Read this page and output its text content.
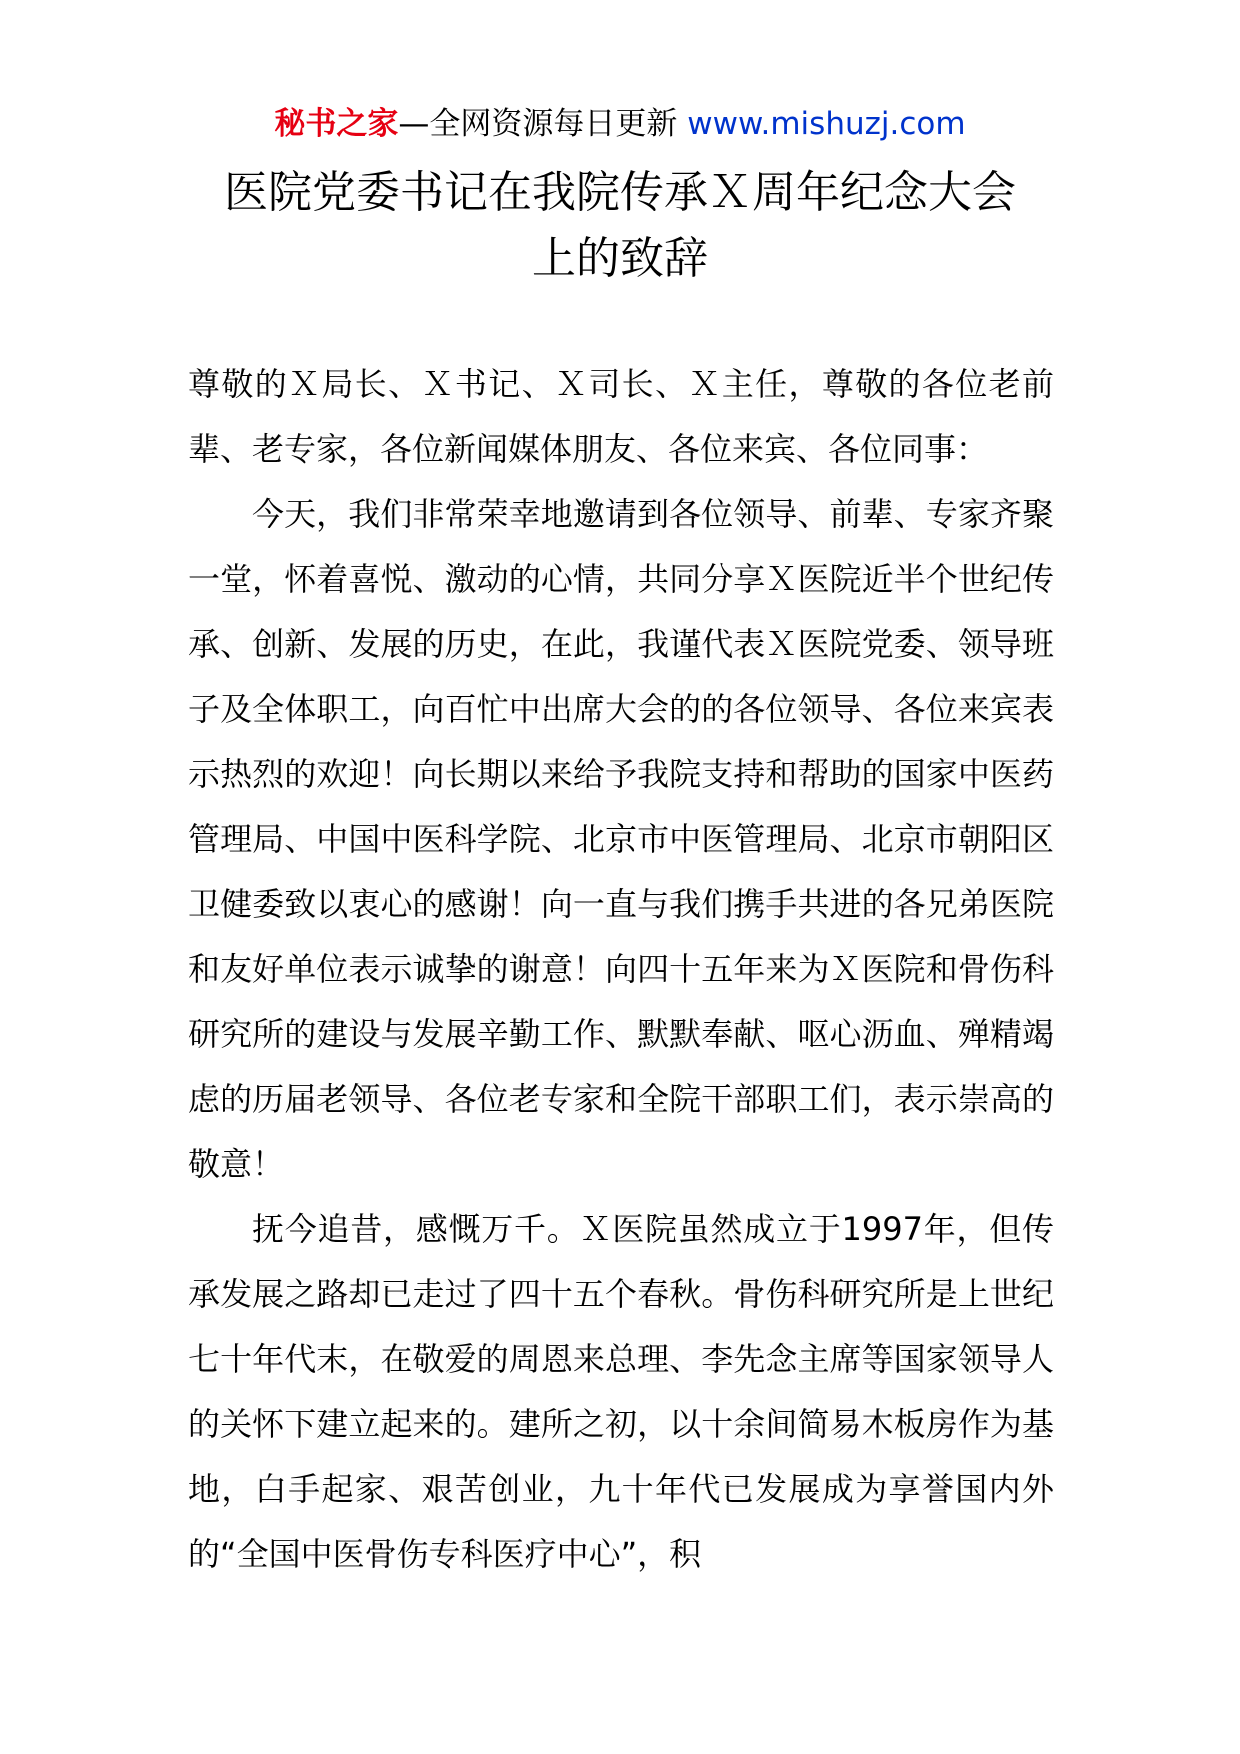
秘书之家—全网资源每日更新 www.mishuzj.com
医院党委书记在我院传承Ｘ周年纪念大会
上的致辞

尊敬的Ｘ局长、Ｘ书记、Ｘ司长、Ｘ主任，尊敬的各位老前辈、老专家，各位新闻媒体朋友、各位来宾、各位同事：

今天，我们非常荣幸地邀请到各位领导、前辈、专家齐聚一堂，怀着喜悦、激动的心情，共同分享Ｘ医院近半个世纪传承、创新、发展的历史，在此，我谨代表Ｘ医院党委、领导班子及全体职工，向百忙中出席大会的的各位领导、各位来宾表示热烈的欢迎！向长期以来给予我院支持和帮助的国家中医药管理局、中国中医科学院、北京市中医管理局、北京市朝阳区卫健委致以衷心的感谢！向一直与我们携手共进的各兄弟医院和友好单位表示诚挚的谢意！向四十五年来为Ｘ医院和骨伤科研究所的建设与发展辛勤工作、默默奉献、呕心沥血、殚精竭虑的历届老领导、各位老专家和全院干部职工们，表示崇高的敬意！

抚今追昔，感慨万千。Ｘ医院虽然成立于1997年，但传承发展之路却已走过了四十五个春秋。骨伤科研究所是上世纪七十年代末，在敬爱的周恩来总理、李先念主席等国家领导人的关怀下建立起来的。建所之初，以十余间简易木板房作为基地，白手起家、艰苦创业，九十年代已发展成为享誉国内外的“全国中医骨伤专科医疗中心”，积
